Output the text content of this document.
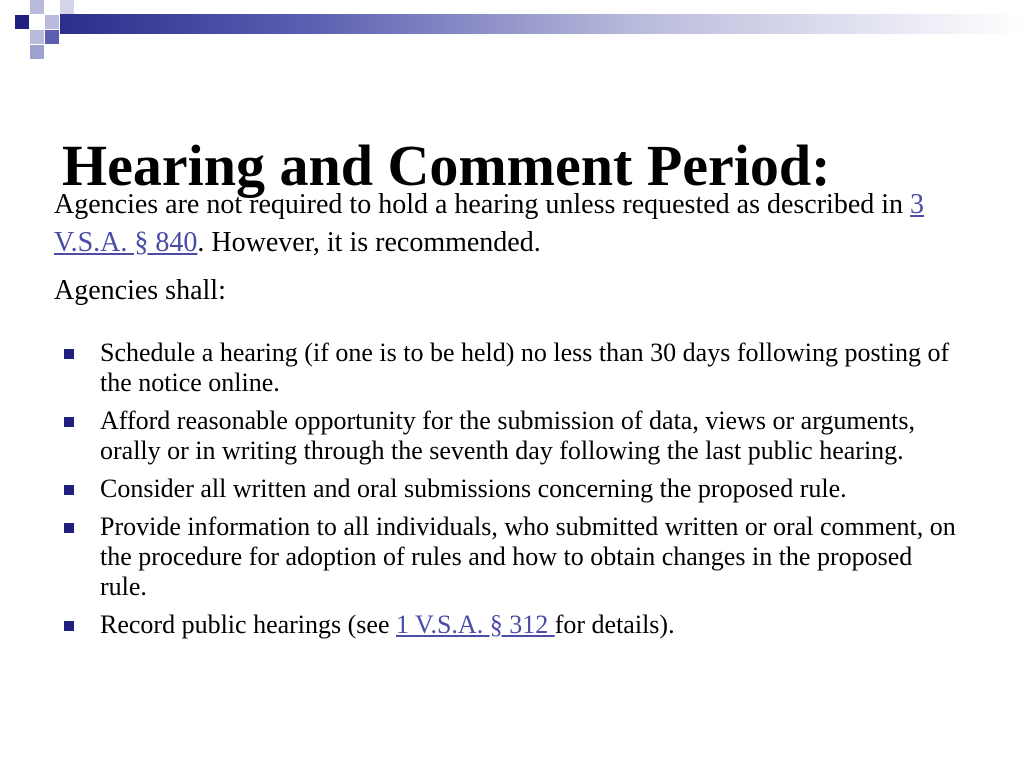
Hearing and Comment Period:

Agencies are not required to hold a hearing unless requested as described in 3 V.S.A. § 840. However, it is recommended.

Agencies shall:

Schedule a hearing (if one is to be held) no less than 30 days following posting of the notice online.
Afford reasonable opportunity for the submission of data, views or arguments, orally or in writing through the seventh day following the last public hearing.
Consider all written and oral submissions concerning the proposed rule.
Provide information to all individuals, who submitted written or oral comment, on the procedure for adoption of rules and how to obtain changes in the proposed rule.
Record public hearings (see 1 V.S.A. § 312 for details).
